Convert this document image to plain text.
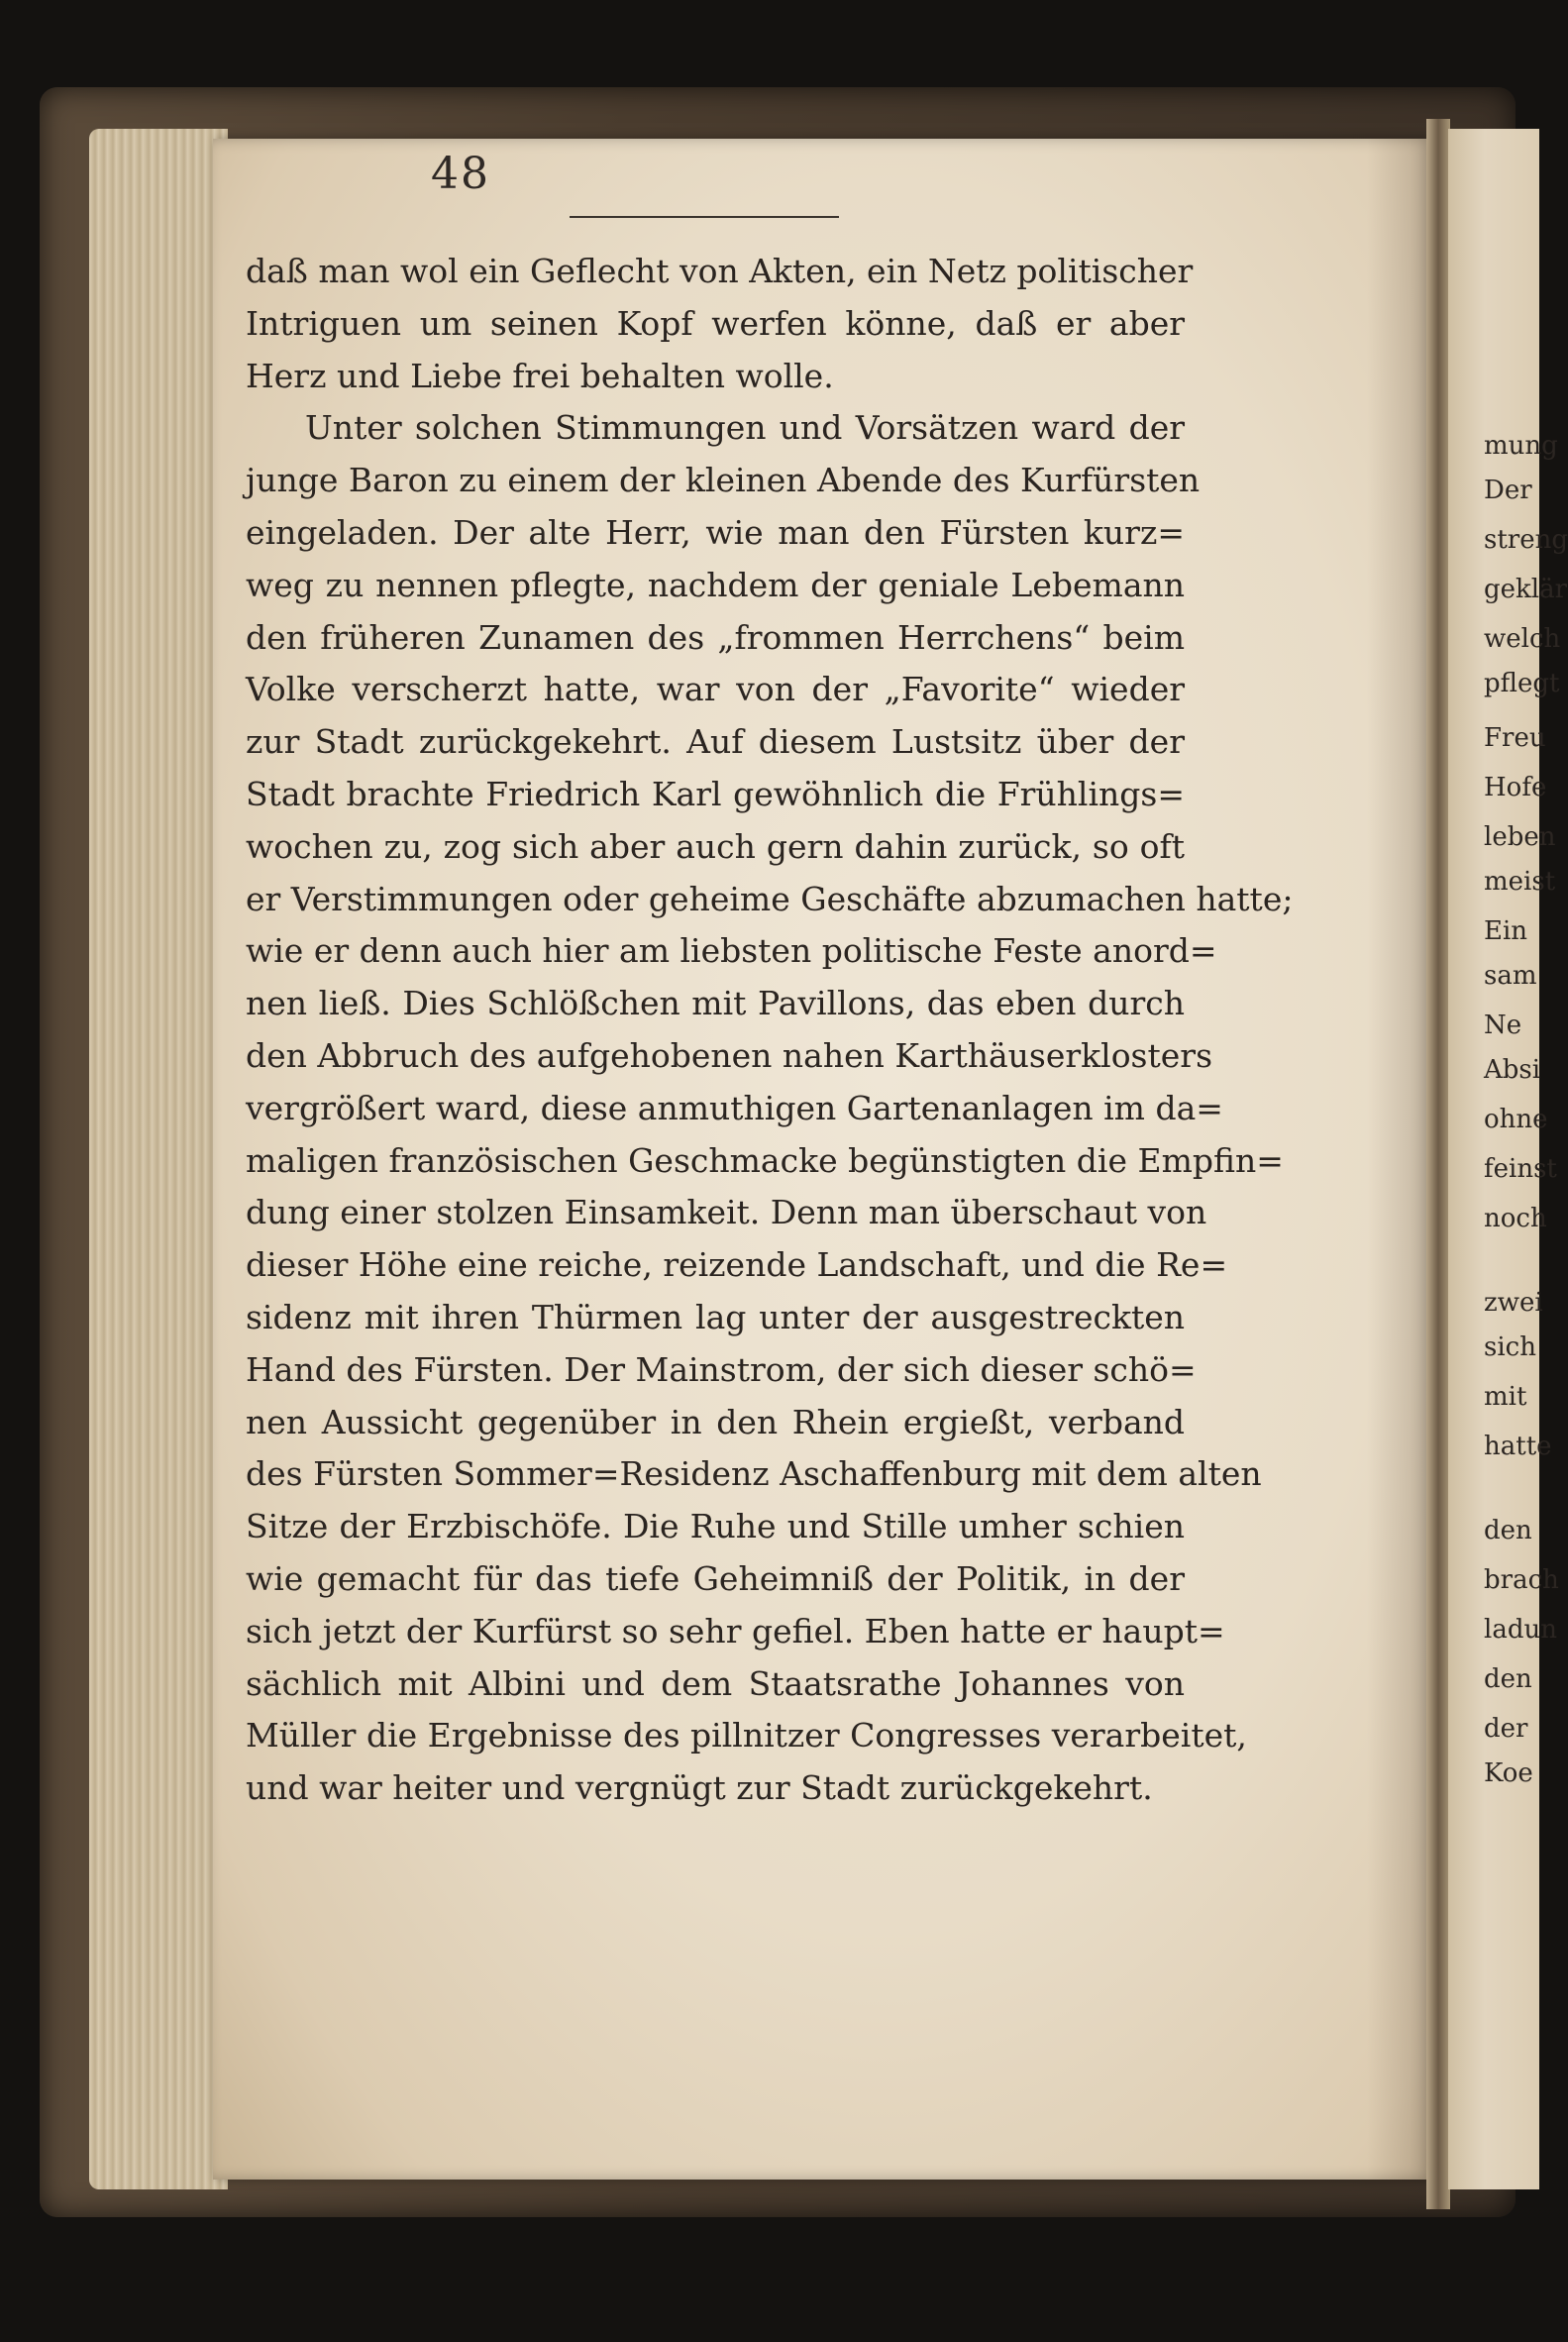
mung
Der
streng
geklär
welch
pflegt
Freu
Hofe
leben
meist
Ein
sam
Ne
Absi
ohne
feinst
noch
zwei
sich
mit
hatte
den
brach
ladun
den
der
Koe
48
daß man wol ein Geflecht von Akten, ein Netz politischer
Intriguen um seinen Kopf werfen könne, daß er aber
Herz und Liebe frei behalten wolle.
Unter solchen Stimmungen und Vorsätzen ward der
junge Baron zu einem der kleinen Abende des Kurfürsten
eingeladen. Der alte Herr, wie man den Fürsten kurz=
weg zu nennen pflegte, nachdem der geniale Lebemann
den früheren Zunamen des „frommen Herrchens“ beim
Volke verscherzt hatte, war von der „Favorite“ wieder
zur Stadt zurückgekehrt. Auf diesem Lustsitz über der
Stadt brachte Friedrich Karl gewöhnlich die Frühlings=
wochen zu, zog sich aber auch gern dahin zurück, so oft
er Verstimmungen oder geheime Geschäfte abzumachen hatte;
wie er denn auch hier am liebsten politische Feste anord=
nen ließ. Dies Schlößchen mit Pavillons, das eben durch
den Abbruch des aufgehobenen nahen Karthäuserklosters
vergrößert ward, diese anmuthigen Gartenanlagen im da=
maligen französischen Geschmacke begünstigten die Empfin=
dung einer stolzen Einsamkeit. Denn man überschaut von
dieser Höhe eine reiche, reizende Landschaft, und die Re=
sidenz mit ihren Thürmen lag unter der ausgestreckten
Hand des Fürsten. Der Mainstrom, der sich dieser schö=
nen Aussicht gegenüber in den Rhein ergießt, verband
des Fürsten Sommer=Residenz Aschaffenburg mit dem alten
Sitze der Erzbischöfe. Die Ruhe und Stille umher schien
wie gemacht für das tiefe Geheimniß der Politik, in der
sich jetzt der Kurfürst so sehr gefiel. Eben hatte er haupt=
sächlich mit Albini und dem Staatsrathe Johannes von
Müller die Ergebnisse des pillnitzer Congresses verarbeitet,
und war heiter und vergnügt zur Stadt zurückgekehrt.
